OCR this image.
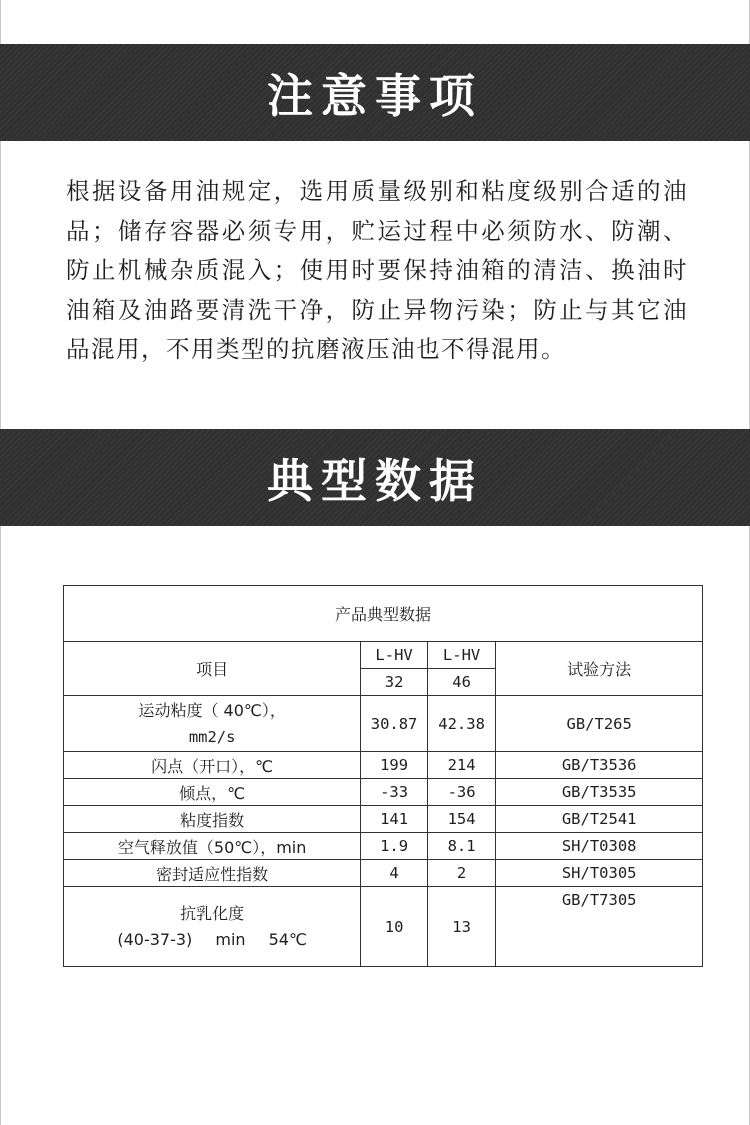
注意事项
根据设备用油规定，选用质量级别和粘度级别合适的油品；储存容器必须专用，贮运过程中必须防水、防潮、防止机械杂质混入；使用时要保持油箱的清洁、换油时油箱及油路要清洗干净，防止异物污染；防止与其它油品混用，不用类型的抗磨液压油也不得混用。
典型数据
产品典型数据			
项目	L-HV	L-HV	试验方法
	32	46	
运动粘度（ 40℃），
mm2/s	30.87	42.38	GB/T265
闪点（开口），℃	199	214	GB/T3536
倾点，℃	-33	-36	GB/T3535
粘度指数	141	154	GB/T2541
空气释放值（50℃），min	1.9	8.1	SH/T0308
密封适应性指数	4	2	SH/T0305
抗乳化度
(40-37-3) min 54℃	10	13	GB/T7305
